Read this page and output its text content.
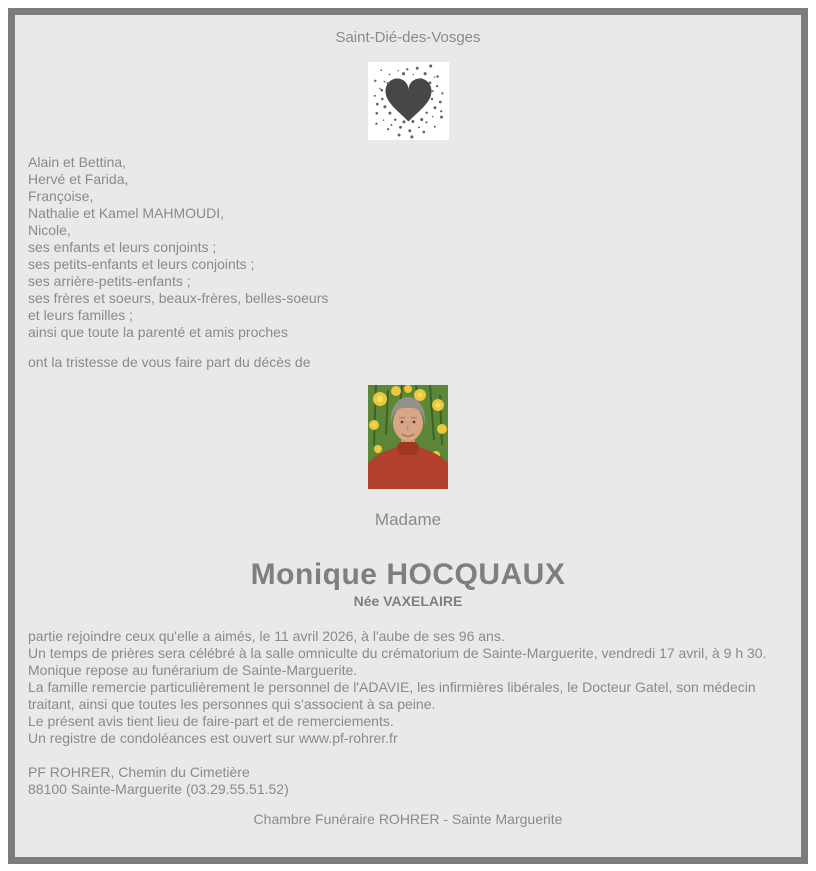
Saint-Dié-des-Vosges
Alain et Bettina,
Hervé et Farida,
Françoise,
Nathalie et Kamel MAHMOUDI,
Nicole,
ses enfants et leurs conjoints ;
ses petits-enfants et leurs conjoints ;
ses arrière-petits-enfants ;
ses frères et soeurs, beaux-frères, belles-soeurs
et leurs familles ;
ainsi que toute la parenté et amis proches
ont la tristesse de vous faire part du décès de
Madame
Monique HOCQUAUX
Née VAXELAIRE
partie rejoindre ceux qu'elle a aimés, le 11 avril 2026, à l'aube de ses 96 ans.
Un temps de prières sera célébré à la salle omniculte du crématorium de Sainte-Marguerite, vendredi 17 avril, à 9 h 30.
Monique repose au funérarium de Sainte-Marguerite.
La famille remercie particulièrement le personnel de l'ADAVIE, les infirmières libérales, le Docteur Gatel, son médecin traitant, ainsi que toutes les personnes qui s'associent à sa peine.
Le présent avis tient lieu de faire-part et de remerciements.
Un registre de condoléances est ouvert sur www.pf-rohrer.fr
PF ROHRER, Chemin du Cimetière
88100 Sainte-Marguerite (03.29.55.51.52)
Chambre Funéraire ROHRER - Sainte Marguerite
